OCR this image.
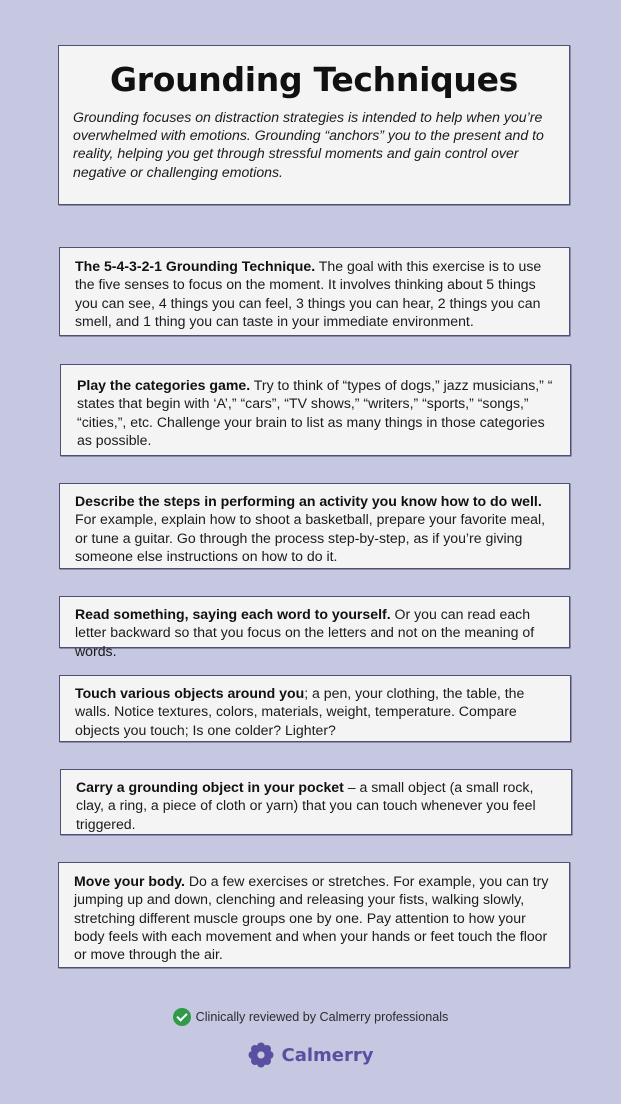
Grounding Techniques

Grounding focuses on distraction strategies is intended to help when you’re overwhelmed with emotions. Grounding “anchors” you to the present and to reality, helping you get through stressful moments and gain control over negative or challenging emotions.

The 5-4-3-2-1 Grounding Technique. The goal with this exercise is to use the five senses to focus on the moment. It involves thinking about 5 things you can see, 4 things you can feel, 3 things you can hear, 2 things you can smell, and 1 thing you can taste in your immediate environment.
Play the categories game. Try to think of “types of dogs,” jazz musicians,” “ states that begin with ‘A’,” “cars”, “TV shows,” “writers,” “sports,” “songs,” “cities,”, etc. Challenge your brain to list as many things in those categories as possible.
Describe the steps in performing an activity you know how to do well. For example, explain how to shoot a basketball, prepare your favorite meal, or tune a guitar. Go through the process step-by-step, as if you’re giving someone else instructions on how to do it.
Read something, saying each word to yourself. Or you can read each letter backward so that you focus on the letters and not on the meaning of words.
Touch various objects around you; a pen, your clothing, the table, the walls. Notice textures, colors, materials, weight, temperature. Compare objects you touch; Is one colder? Lighter?
Carry a grounding object in your pocket – a small object (a small rock, clay, a ring, a piece of cloth or yarn) that you can touch whenever you feel triggered.
Move your body. Do a few exercises or stretches. For example, you can try jumping up and down, clenching and releasing your fists, walking slowly, stretching different muscle groups one by one. Pay attention to how your body feels with each movement and when your hands or feet touch the floor or move through the air.
Clinically reviewed by Calmerry professionals
Calmerry
